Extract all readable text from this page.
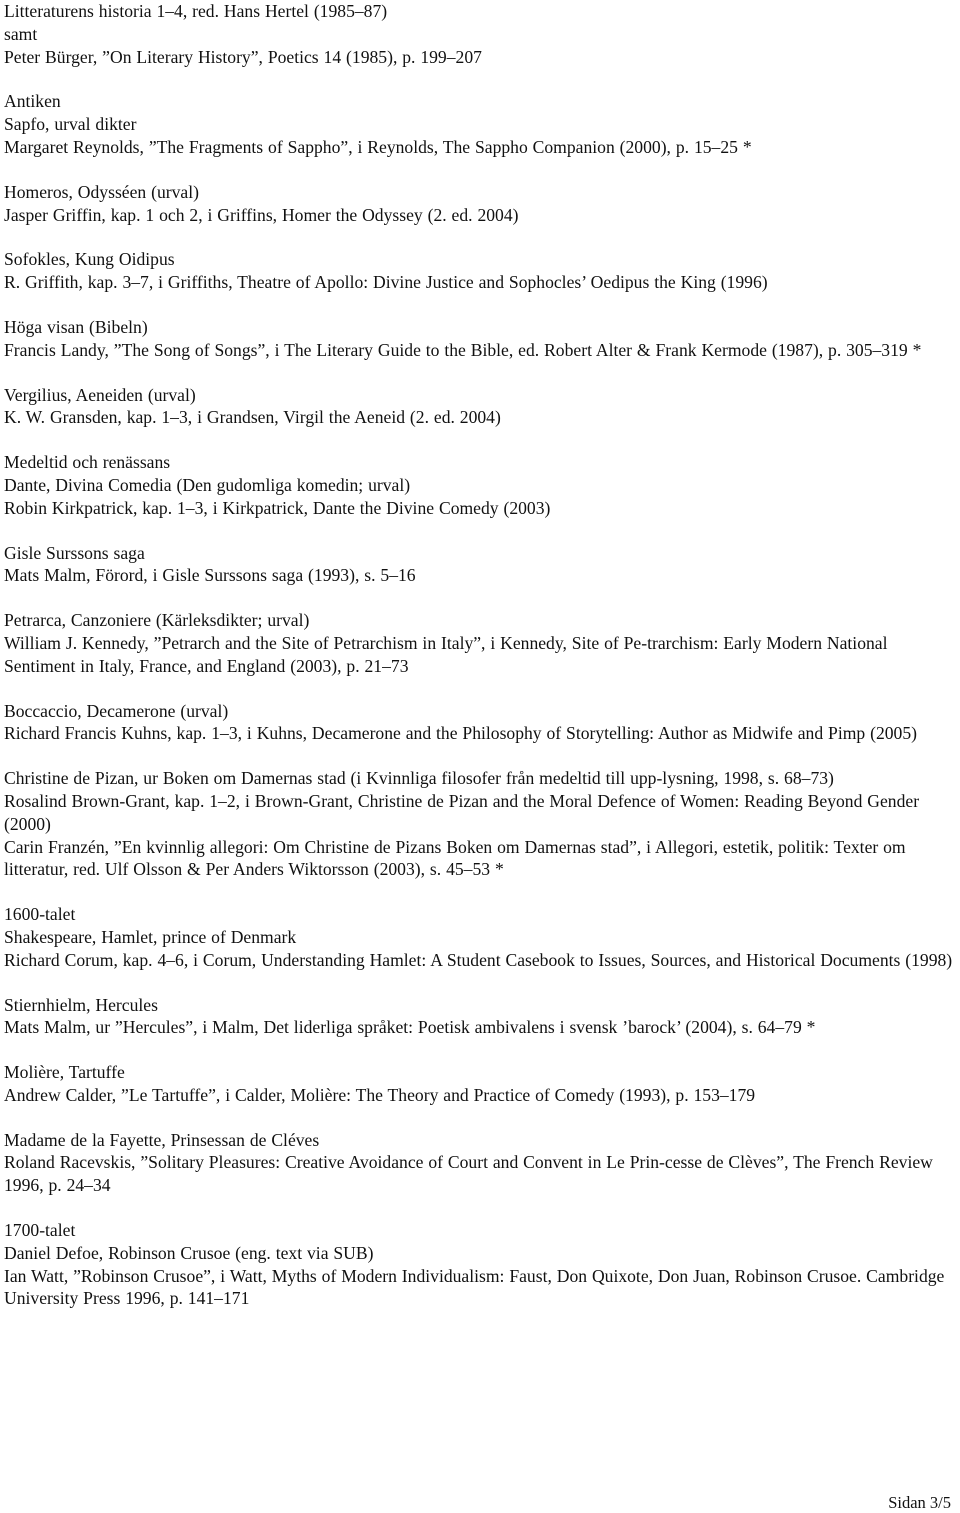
Litteraturens historia 1–4, red. Hans Hertel (1985–87)
samt
Peter Bürger, ”On Literary History”, Poetics 14 (1985), p. 199–207
Antiken
Sapfo, urval dikter
Margaret Reynolds, ”The Fragments of Sappho”, i Reynolds, The Sappho Companion (2000), p. 15–25 *
Homeros, Odysséen (urval)
Jasper Griffin, kap. 1 och 2, i Griffins, Homer the Odyssey (2. ed. 2004)
Sofokles, Kung Oidipus
R. Griffith, kap. 3–7, i Griffiths, Theatre of Apollo: Divine Justice and Sophocles’ Oedipus the King (1996)
Höga visan (Bibeln)
Francis Landy, ”The Song of Songs”, i The Literary Guide to the Bible, ed. Robert Alter & Frank Kermode (1987), p. 305–319 *
Vergilius, Aeneiden (urval)
K. W. Gransden, kap. 1–3, i Grandsen, Virgil the Aeneid (2. ed. 2004)
Medeltid och renässans
Dante, Divina Comedia (Den gudomliga komedin; urval)
Robin Kirkpatrick, kap. 1–3, i Kirkpatrick, Dante the Divine Comedy (2003)
Gisle Surssons saga
Mats Malm, Förord, i Gisle Surssons saga (1993), s. 5–16
Petrarca, Canzoniere (Kärleksdikter; urval)
William J. Kennedy, ”Petrarch and the Site of Petrarchism in Italy”, i Kennedy, Site of Pe-trarchism: Early Modern National Sentiment in Italy, France, and England (2003), p. 21–73
Boccaccio, Decamerone (urval)
Richard Francis Kuhns, kap. 1–3, i Kuhns, Decamerone and the Philosophy of Storytelling: Author as Midwife and Pimp (2005)
Christine de Pizan, ur Boken om Damernas stad (i Kvinnliga filosofer från medeltid till upp-lysning, 1998, s. 68–73)
Rosalind Brown-Grant, kap. 1–2, i Brown-Grant, Christine de Pizan and the Moral Defence of Women: Reading Beyond Gender (2000)
Carin Franzén, ”En kvinnlig allegori: Om Christine de Pizans Boken om Damernas stad”, i Allegori, estetik, politik: Texter om litteratur, red. Ulf Olsson & Per Anders Wiktorsson (2003), s. 45–53 *
1600-talet
Shakespeare, Hamlet, prince of Denmark
Richard Corum, kap. 4–6, i Corum, Understanding Hamlet: A Student Casebook to Issues, Sources, and Historical Documents (1998)
Stiernhielm, Hercules
Mats Malm, ur ”Hercules”, i Malm, Det liderliga språket: Poetisk ambivalens i svensk ’barock’ (2004), s. 64–79 *
Molière, Tartuffe
Andrew Calder, ”Le Tartuffe”, i Calder, Molière: The Theory and Practice of Comedy (1993), p. 153–179
Madame de la Fayette, Prinsessan de Cléves
Roland Racevskis, ”Solitary Pleasures: Creative Avoidance of Court and Convent in Le Prin-cesse de Clèves”, The French Review 1996, p. 24–34
1700-talet
Daniel Defoe, Robinson Crusoe (eng. text via SUB)
Ian Watt, ”Robinson Crusoe”, i Watt, Myths of Modern Individualism: Faust, Don Quixote, Don Juan, Robinson Crusoe. Cambridge University Press 1996, p. 141–171
Sidan 3/5
